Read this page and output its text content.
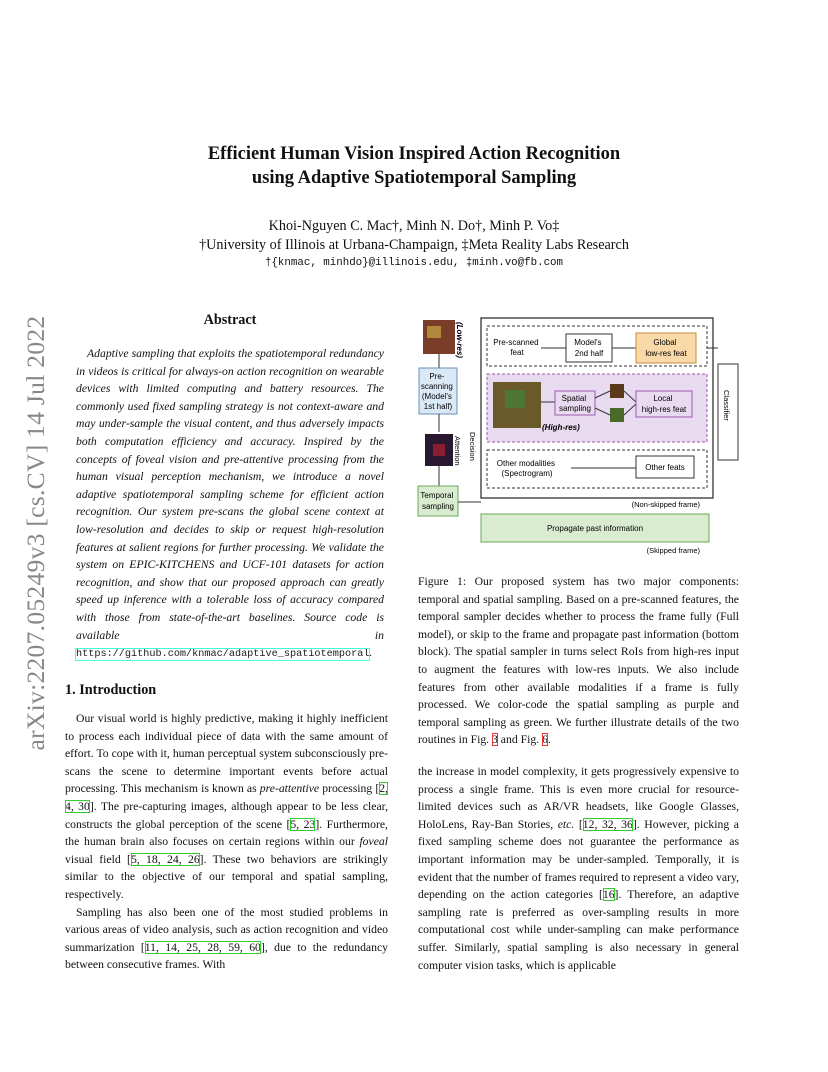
arXiv:2207.05249v3 [cs.CV] 14 Jul 2022
Efficient Human Vision Inspired Action Recognition
using Adaptive Spatiotemporal Sampling
Khoi-Nguyen C. Mac†, Minh N. Do†, Minh P. Vo‡
†University of Illinois at Urbana-Champaign, ‡Meta Reality Labs Research
†{knmac, minhdo}@illinois.edu, ‡minh.vo@fb.com
Abstract
Adaptive sampling that exploits the spatiotemporal redundancy in videos is critical for always-on action recognition on wearable devices with limited computing and battery resources. The commonly used fixed sampling strategy is not context-aware and may under-sample the visual content, and thus adversely impacts both computation efficiency and accuracy. Inspired by the concepts of foveal vision and pre-attentive processing from the human visual perception mechanism, we introduce a novel adaptive spatiotemporal sampling scheme for efficient action recognition. Our system pre-scans the global scene context at low-resolution and decides to skip or request high-resolution features at salient regions for further processing. We validate the system on EPIC-KITCHENS and UCF-101 datasets for action recognition, and show that our proposed approach can greatly speed up inference with a tolerable loss of accuracy compared with those from state-of-the-art baselines. Source code is available in https://github.com/knmac/adaptive_spatiotemporal.
1. Introduction

Our visual world is highly predictive, making it highly inefficient to process each individual piece of data with the same amount of effort. To cope with it, human perceptual system subconsciously pre-scans the scene to determine important events before actual processing. This mechanism is known as pre-attentive processing [2, 4, 30]. The pre-capturing images, although appear to be less clear, constructs the global perception of the scene [5, 23]. Furthermore, the human brain also focuses on certain regions within our foveal visual field [5, 18, 24, 26]. These two behaviors are strikingly similar to the objective of our temporal and spatial sampling, respectively.

Sampling has also been one of the most studied problems in various areas of video analysis, such as action recognition and video summarization [11, 14, 25, 28, 59, 60], due to the redundancy between consecutive frames. With

(Low-res)
Pre- scanning (Model's 1st half)
Attention
Temporal sampling
Decision
Pre-scanned feat
Model's 2nd half
Global low-res feat
(High-res)
Spatial sampling
Local high-res feat
Other modalities (Spectrogram)
Other feats
Classifier
(Non-skipped frame)
Propagate past information
(Skipped frame)
Figure 1: Our proposed system has two major components: temporal and spatial sampling. Based on a pre-scanned features, the temporal sampler decides whether to process the frame fully (Full model), or skip to the frame and propagate past information (bottom block). The spatial sampler in turns select RoIs from high-res input to augment the features with low-res inputs. We also include features from other available modalities if a frame is fully processed. We color-code the spatial sampling as purple and temporal sampling as green. We further illustrate details of the two routines in Fig. 3 and Fig. 6.

the increase in model complexity, it gets progressively expensive to process a single frame. This is even more crucial for resource-limited devices such as AR/VR headsets, like Google Glasses, HoloLens, Ray-Ban Stories, etc. [12, 32, 36]. However, picking a fixed sampling scheme does not guarantee the performance as important information may be under-sampled. Temporally, it is evident that the number of frames required to represent a video vary, depending on the action categories [16]. Therefore, an adaptive sampling rate is preferred as over-sampling results in more computational cost while under-sampling can make performance suffer. Similarly, spatial sampling is also necessary in general computer vision tasks, which is applicable
